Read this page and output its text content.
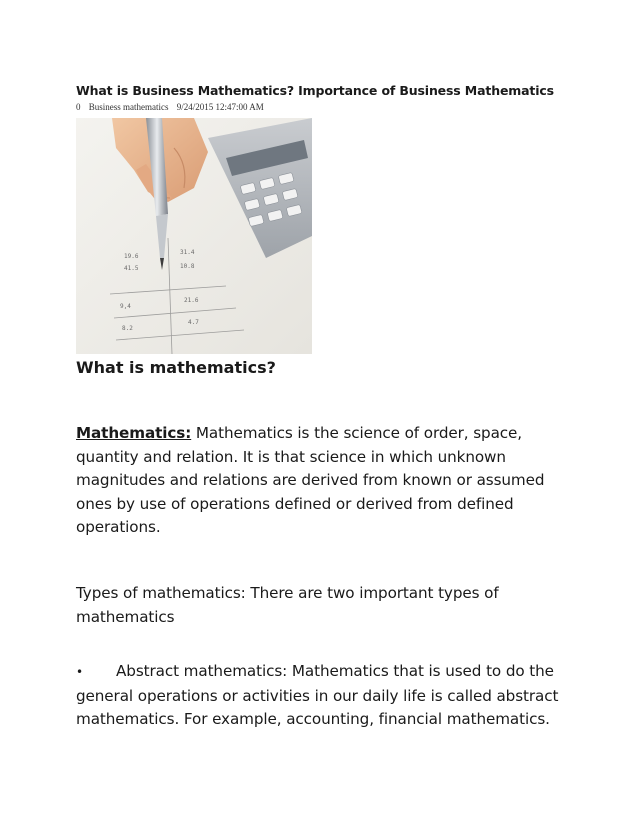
What is Business Mathematics? Importance of Business Mathematics
0 Business mathematics 9/24/2015 12:47:00 AM
19.6
41.5
31.4
10.8
9,4
21.6
8.2
4.7
What is mathematics?
Mathematics: Mathematics is the science of order, space, quantity and relation. It is that science in which unknown magnitudes and relations are derived from known or assumed ones by use of operations defined or derived from defined operations.
Types of mathematics: There are two important types of mathematics
• Abstract mathematics: Mathematics that is used to do the general operations or activities in our daily life is called abstract mathematics. For example, accounting, financial mathematics.
